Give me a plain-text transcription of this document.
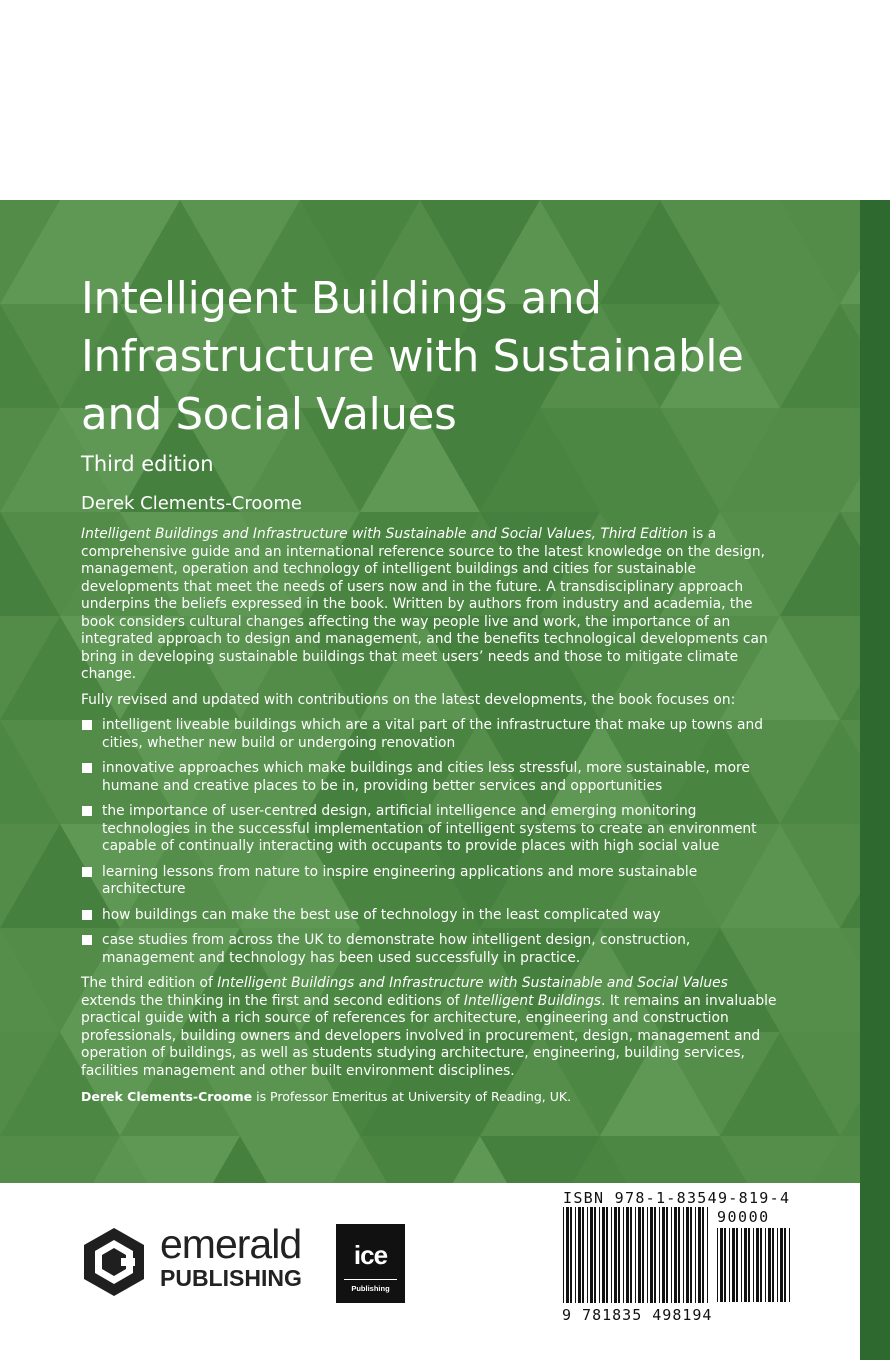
Intelligent Buildings and Infrastructure with Sustainable and Social Values
Third edition
Derek Clements-Croome

Intelligent Buildings and Infrastructure with Sustainable and Social Values, Third Edition is a comprehensive guide and an international reference source to the latest knowledge on the design, management, operation and technology of intelligent buildings and cities for sustainable developments that meet the needs of users now and in the future. A transdisciplinary approach underpins the beliefs expressed in the book. Written by authors from industry and academia, the book considers cultural changes affecting the way people live and work, the importance of an integrated approach to design and management, and the benefits technological developments can bring in developing sustainable buildings that meet users’ needs and those to mitigate climate change.

Fully revised and updated with contributions on the latest developments, the book focuses on:

intelligent liveable buildings which are a vital part of the infrastructure that make up towns and cities, whether new build or undergoing renovation
innovative approaches which make buildings and cities less stressful, more sustainable, more humane and creative places to be in, providing better services and opportunities
the importance of user-centred design, artificial intelligence and emerging monitoring technologies in the successful implementation of intelligent systems to create an environment capable of continually interacting with occupants to provide places with high social value
learning lessons from nature to inspire engineering applications and more sustainable architecture
how buildings can make the best use of technology in the least complicated way
case studies from across the UK to demonstrate how intelligent design, construction, management and technology has been used successfully in practice.

The third edition of Intelligent Buildings and Infrastructure with Sustainable and Social Values extends the thinking in the first and second editions of Intelligent Buildings. It remains an invaluable practical guide with a rich source of references for architecture, engineering and construction professionals, building owners and developers involved in procurement, design, management and operation of buildings, as well as students studying architecture, engineering, building services, facilities management and other built environment disciplines.

Derek Clements-Croome is Professor Emeritus at University of Reading, UK.

emerald
PUBLISHING
ice
Publishing
ISBN 978-1-83549-819-4
90000
9 781835 498194
